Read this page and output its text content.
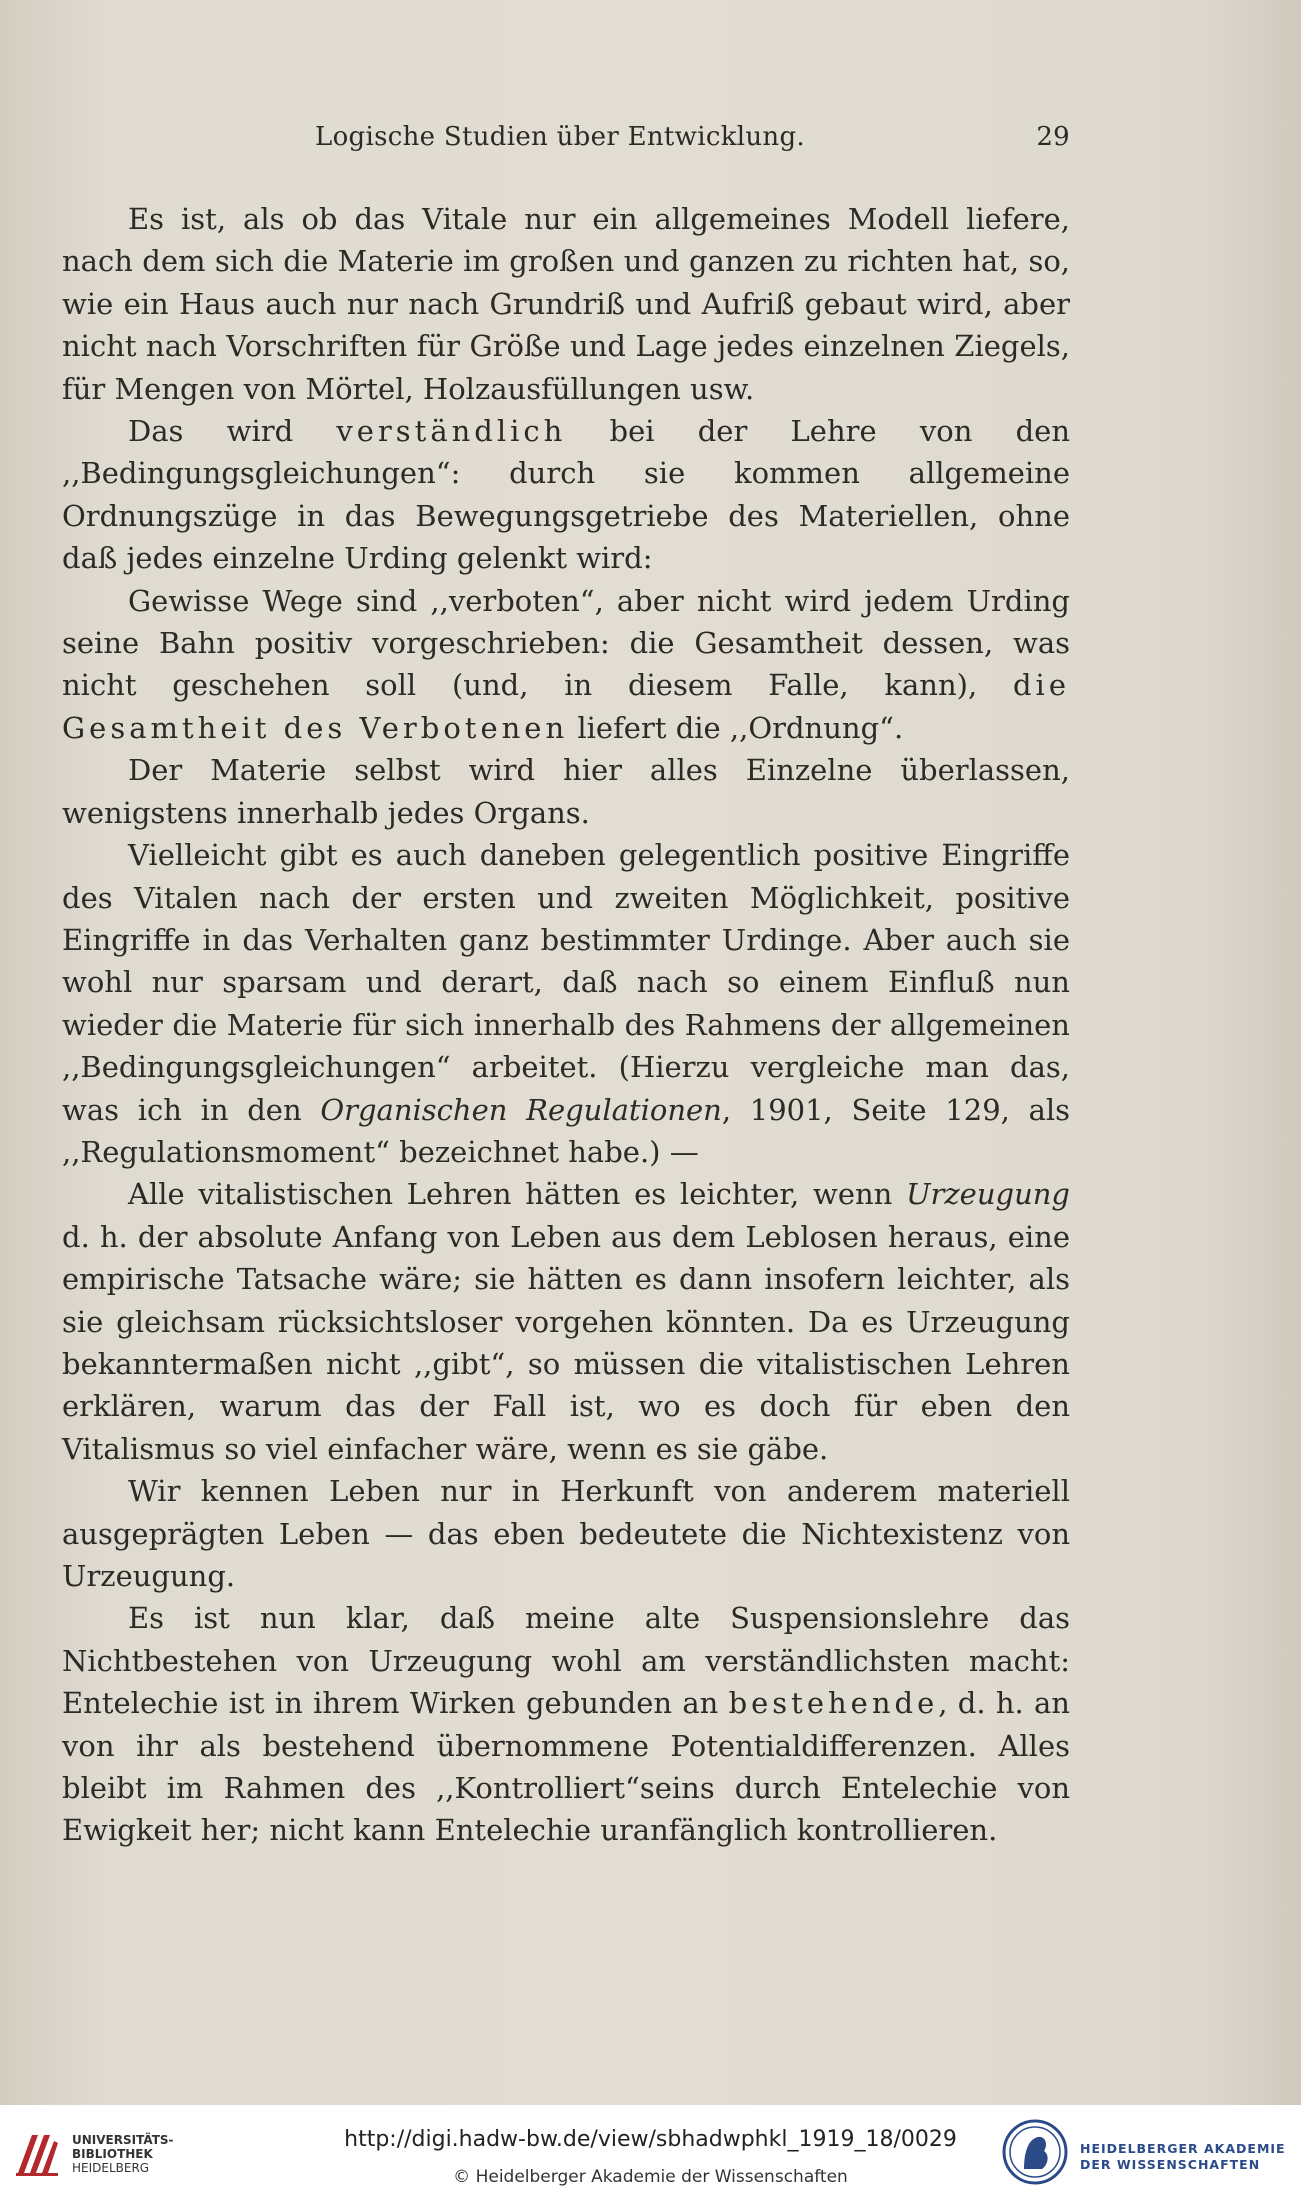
Logische Studien über Entwicklung.	29

Es ist, als ob das Vitale nur ein allgemeines Modell liefere, nach dem sich die Materie im großen und ganzen zu richten hat, so, wie ein Haus auch nur nach Grundriß und Aufriß gebaut wird, aber nicht nach Vorschriften für Größe und Lage jedes einzelnen Ziegels, für Mengen von Mörtel, Holzausfüllungen usw.

Das wird verständlich bei der Lehre von den ,,Bedingungsgleichungen“: durch sie kommen allgemeine Ordnungszüge in das Bewegungsgetriebe des Materiellen, ohne daß jedes einzelne Urding gelenkt wird:

Gewisse Wege sind ,,verboten“, aber nicht wird jedem Urding seine Bahn positiv vorgeschrieben: die Gesamtheit dessen, was nicht geschehen soll (und, in diesem Falle, kann), die Gesamtheit des Verbotenen liefert die ,,Ordnung“.

Der Materie selbst wird hier alles Einzelne überlassen, wenigstens innerhalb jedes Organs.

Vielleicht gibt es auch daneben gelegentlich positive Eingriffe des Vitalen nach der ersten und zweiten Möglichkeit, positive Eingriffe in das Verhalten ganz bestimmter Urdinge. Aber auch sie wohl nur sparsam und derart, daß nach so einem Einfluß nun wieder die Materie für sich innerhalb des Rahmens der allgemeinen ,,Bedingungsgleichungen“ arbeitet. (Hierzu vergleiche man das, was ich in den Organischen Regulationen, 1901, Seite 129, als ,,Regulationsmoment“ bezeichnet habe.) —

Alle vitalistischen Lehren hätten es leichter, wenn Urzeugung d. h. der absolute Anfang von Leben aus dem Leblosen heraus, eine empirische Tatsache wäre; sie hätten es dann insofern leichter, als sie gleichsam rücksichtsloser vorgehen könnten. Da es Urzeugung bekanntermaßen nicht ,,gibt“, so müssen die vitalistischen Lehren erklären, warum das der Fall ist, wo es doch für eben den Vitalismus so viel einfacher wäre, wenn es sie gäbe.

Wir kennen Leben nur in Herkunft von anderem materiell ausgeprägten Leben — das eben bedeutete die Nichtexistenz von Urzeugung.

Es ist nun klar, daß meine alte Suspensionslehre das Nichtbestehen von Urzeugung wohl am verständlichsten macht: Entelechie ist in ihrem Wirken gebunden an bestehende, d. h. an von ihr als bestehend übernommene Potentialdifferenzen. Alles bleibt im Rahmen des ,,Kontrolliert“seins durch Entelechie von Ewigkeit her; nicht kann Entelechie uranfänglich kontrollieren.

UNIVERSITÄTS-
BIBLIOTHEK
HEIDELBERG
http://digi.hadw-bw.de/view/sbhadwphkl_1919_18/0029
© Heidelberger Akademie der Wissenschaften
HEIDELBERGER AKADEMIE
DER WISSENSCHAFTEN
